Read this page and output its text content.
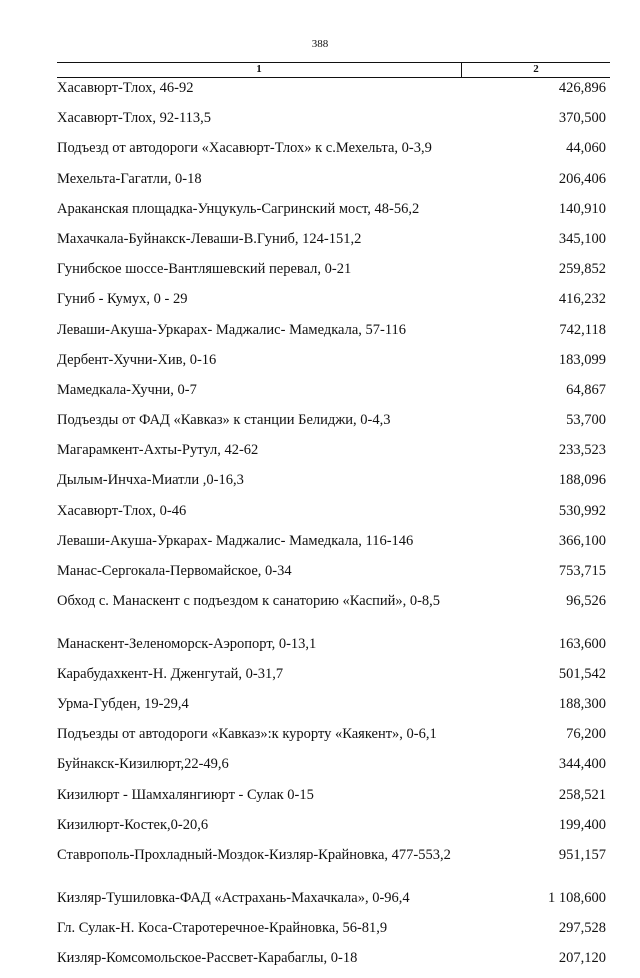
388
1	2
Хасавюрт-Тлох, 46-92	426,896
Хасавюрт-Тлох, 92-113,5	370,500
Подъезд от автодороги «Хасавюрт-Тлох» к с.Мехельта, 0-3,9	44,060
Мехельта-Гагатли, 0-18	206,406
Араканская площадка-Унцукуль-Сагринский мост, 48-56,2	140,910
Махачкала-Буйнакск-Леваши-В.Гуниб, 124-151,2	345,100
Гунибское шоссе-Вантляшевский перевал, 0-21	259,852
Гуниб - Кумух, 0 - 29	416,232
Леваши-Акуша-Уркарах- Маджалис- Мамедкала, 57-116	742,118
Дербент-Хучни-Хив, 0-16	183,099
Мамедкала-Хучни, 0-7	64,867
Подъезды от ФАД «Кавказ» к станции Белиджи, 0-4,3	53,700
Магарамкент-Ахты-Рутул, 42-62	233,523
Дылым-Инчха-Миатли ,0-16,3	188,096
Хасавюрт-Тлох, 0-46	530,992
Леваши-Акуша-Уркарах- Маджалис- Мамедкала, 116-146	366,100
Манас-Сергокала-Первомайское, 0-34	753,715
Обход с. Манаскент с подъездом к санаторию «Каспий», 0-8,5	96,526
Манаскент-Зеленоморск-Аэропорт, 0-13,1	163,600
Карабудахкент-Н. Дженгутай, 0-31,7	501,542
Урма-Губден, 19-29,4	188,300
Подъезды от автодороги «Кавказ»:к курорту «Каякент», 0-6,1	76,200
Буйнакск-Кизилюрт,22-49,6	344,400
Кизилюрт - Шамхалянгиюрт - Сулак 0-15	258,521
Кизилюрт-Костек,0-20,6	199,400
Ставрополь-Прохладный-Моздок-Кизляр-Крайновка, 477-553,2	951,157
Кизляр-Тушиловка-ФАД «Астрахань-Махачкала», 0-96,4	1 108,600
Гл. Сулак-Н. Коса-Старотеречное-Крайновка, 56-81,9	297,528
Кизляр-Комсомольское-Рассвет-Карабаглы, 0-18	207,120
